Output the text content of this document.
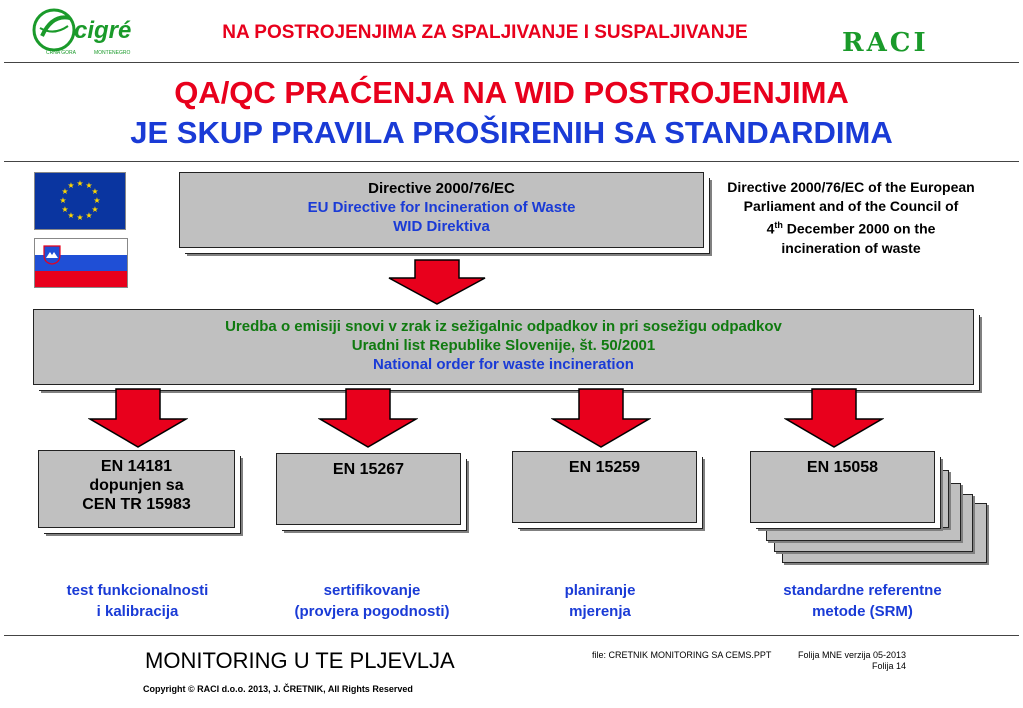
cigré
CRNA GORA	MONTENEGRO
NA POSTROJENJIMA ZA SPALJIVANJE I SUSPALJIVANJE	RACI
QA/QC PRAĆENJA NA WID POSTROJENJIMA
JE SKUP PRAVILA PROŠIRENIH SA STANDARDIMA
★ ★
★
★
★
★
★
★
★
★
★
★	Directive 2000/76/EC
EU Directive for Incineration of Waste
WID Direktiva
Directive 2000/76/EC of the European
Parliament and of the Council of
4th December 2000 on the
incineration of waste
Uredba o emisiji snovi v zrak iz sežigalnic odpadkov in pri sosežigu odpadkov
Uradni list Republike Slovenije, št. 50/2001
National order for waste incineration
EN 14181
dopunjen sa
CEN TR 15983
EN 15267	EN 15259	EN 15058
test funkcionalnosti
i kalibracija
sertifikovanje
(provjera pogodnosti)
planiranje
mjerenja
standardne referentne
metode (SRM)
MONITORING U TE PLJEVLJA	file: CRETNIK MONITORING SA CEMS.PPT	Folija MNE verzija 05-2013
Folija 14
Copyright © RACI d.o.o. 2013, J. ČRETNIK, All Rights Reserved
